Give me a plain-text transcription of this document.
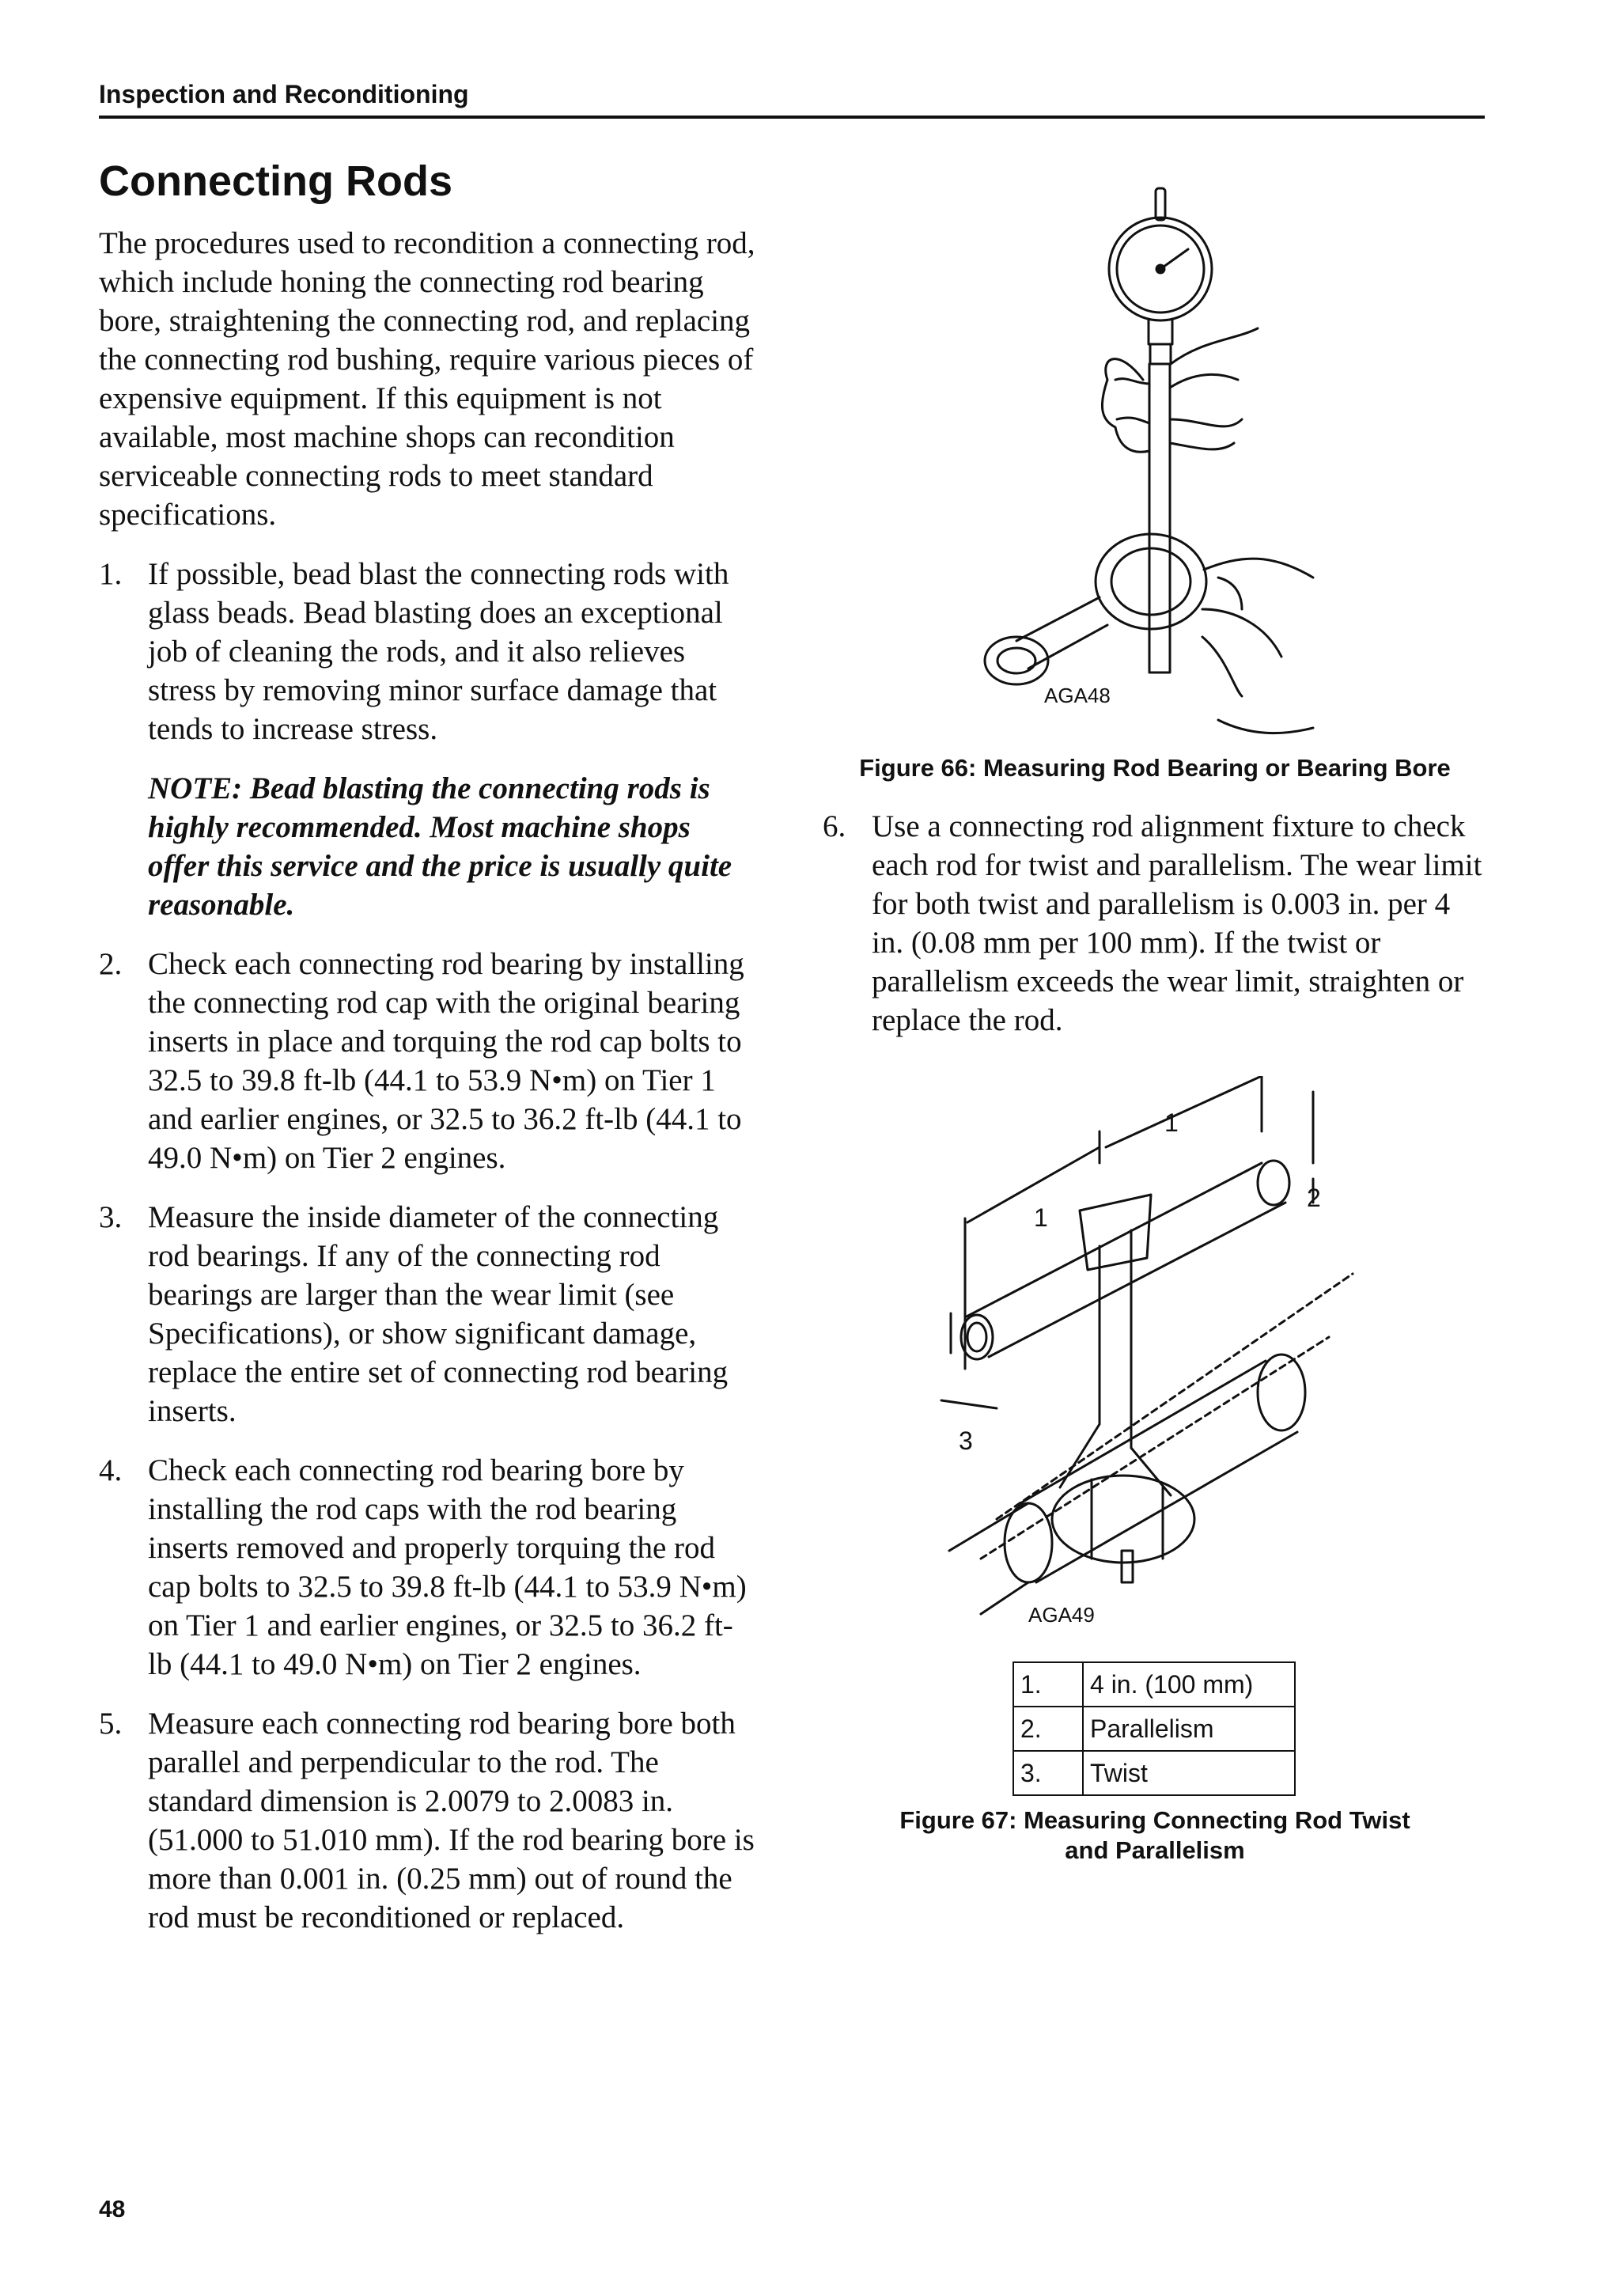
Inspection and Reconditioning
Connecting Rods

The procedures used to recondition a connecting rod, which include honing the connecting rod bearing bore, straightening the connecting rod, and replacing the connecting rod bushing, require various pieces of expensive equipment. If this equipment is not available, most machine shops can recondition serviceable connecting rods to meet standard specifications.

1. If possible, bead blast the connecting rods with glass beads. Bead blasting does an exceptional job of cleaning the rods, and it also relieves stress by removing minor surface damage that tends to increase stress.
NOTE: Bead blasting the connecting rods is highly recommended. Most machine shops offer this service and the price is usually quite reasonable.
2. Check each connecting rod bearing by installing the connecting rod cap with the original bearing inserts in place and torquing the rod cap bolts to 32.5 to 39.8 ft-lb (44.1 to 53.9 N•m) on Tier 1 and earlier engines, or 32.5 to 36.2 ft-lb (44.1 to 49.0 N•m) on Tier 2 engines.
3. Measure the inside diameter of the connecting rod bearings. If any of the connecting rod bearings are larger than the wear limit (see Specifications), or show significant damage, replace the entire set of connecting rod bearing inserts.
4. Check each connecting rod bearing bore by installing the rod caps with the rod bearing inserts removed and properly torquing the rod cap bolts to 32.5 to 39.8 ft-lb (44.1 to 53.9 N•m) on Tier 1 and earlier engines, or 32.5 to 36.2 ft-lb (44.1 to 49.0 N•m) on Tier 2 engines.
5. Measure each connecting rod bearing bore both parallel and perpendicular to the rod. The standard dimension is 2.0079 to 2.0083 in. (51.000 to 51.010 mm). If the rod bearing bore is more than 0.001 in. (0.25 mm) out of round the rod must be reconditioned or replaced.
AGA48
Figure 66: Measuring Rod Bearing or Bearing Bore
6. Use a connecting rod alignment fixture to check each rod for twist and parallelism. The wear limit for both twist and parallelism is 0.003 in. per 4 in. (0.08 mm per 100 mm). If the twist or parallelism exceeds the wear limit, straighten or replace the rod.
1
1
2
3
AGA49
1.	4 in. (100 mm)
2.	Parallelism
3.	Twist
Figure 67: Measuring Connecting Rod Twist
and Parallelism
48
